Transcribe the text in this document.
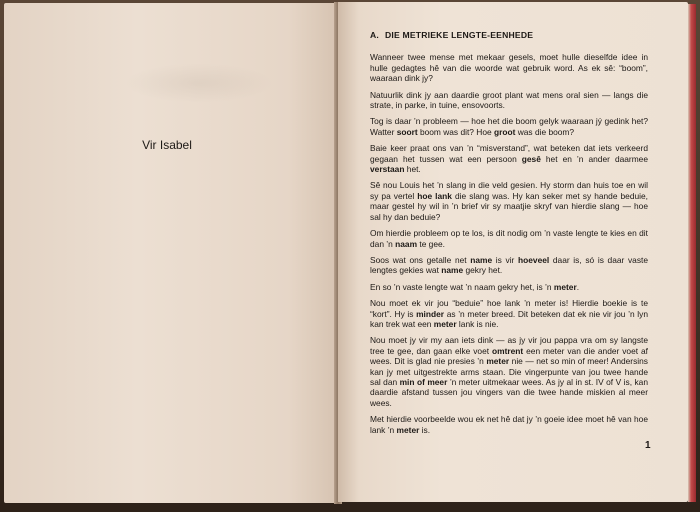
Vir Isabel
A. DIE METRIEKE LENGTE-EENHEDE

Wanneer twee mense met mekaar gesels, moet hulle dieselfde idee in hulle gedagtes hê van die woorde wat gebruik word. As ek sê: “boom”, waaraan dink jy?

Natuurlik dink jy aan daardie groot plant wat mens oral sien — langs die strate, in parke, in tuine, ensovoorts.

Tog is daar ’n probleem — hoe het die boom gelyk waaraan jý gedink het? Watter soort boom was dit? Hoe groot was die boom?

Baie keer praat ons van ’n “misverstand”, wat beteken dat iets verkeerd gegaan het tussen wat een persoon gesê het en ’n ander daarmee verstaan het.

Sê nou Louis het ’n slang in die veld gesien. Hy storm dan huis toe en wil sy pa vertel hoe lank die slang was. Hy kan seker met sy hande beduie, maar gestel hy wil in ’n brief vir sy maatjie skryf van hierdie slang — hoe sal hy dan beduie?

Om hierdie probleem op te los, is dit nodig om ’n vaste lengte te kies en dit dan ’n naam te gee.

Soos wat ons getalle net name is vir hoeveel daar is, só is daar vaste lengtes gekies wat name gekry het.

En so ’n vaste lengte wat ’n naam gekry het, is ’n meter.

Nou moet ek vir jou “beduie” hoe lank ’n meter is! Hierdie boekie is te “kort”. Hy is minder as ’n meter breed. Dit beteken dat ek nie vir jou ’n lyn kan trek wat een meter lank is nie.

Nou moet jy vir my aan iets dink — as jy vir jou pappa vra om sy langste tree te gee, dan gaan elke voet omtrent een meter van die ander voet af wees. Dit is glad nie presies ’n meter nie — net so min of meer! Andersins kan jy met uitgestrekte arms staan. Die vingerpunte van jou twee hande sal dan min of meer ’n meter uitmekaar wees. As jy al in st. IV of V is, kan daardie afstand tussen jou vingers van die twee hande miskien al meer wees.

Met hierdie voorbeelde wou ek net hê dat jy ’n goeie idee moet hê van hoe lank ’n meter is.

1
